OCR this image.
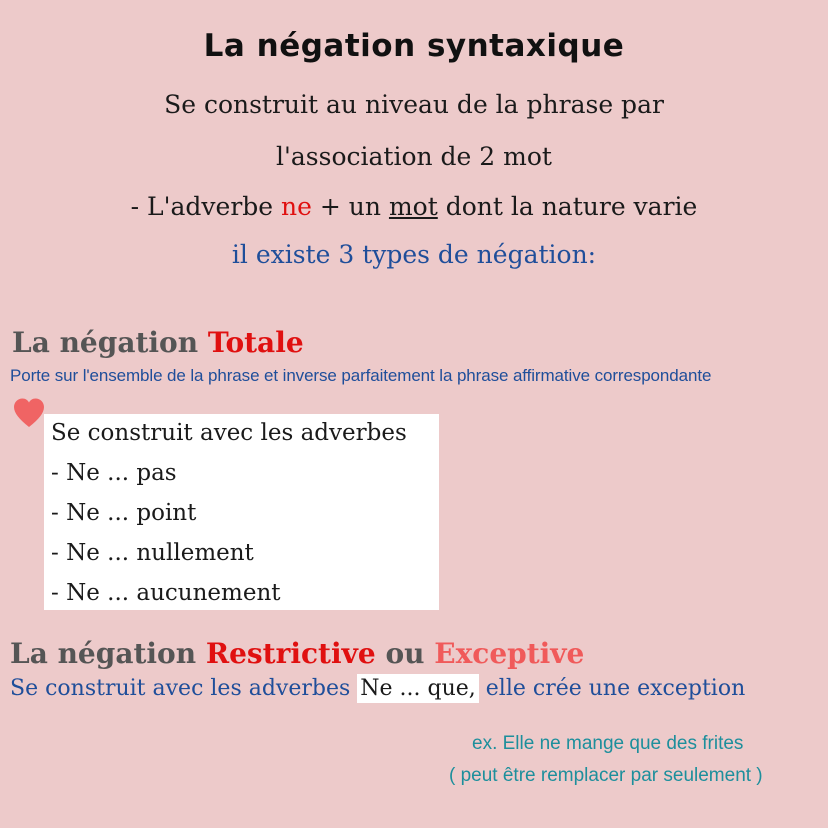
La négation syntaxique

Se construit au niveau de la phrase par

l'association de 2 mot

- L'adverbe ne + un mot dont la nature varie

il existe 3 types de négation:

La négation Totale

Porte sur l'ensemble de la phrase et inverse parfaitement la phrase affirmative correspondante

Se construit avec les adverbes
- Ne ... pas
- Ne ... point
- Ne ... nullement
- Ne ... aucunement
La négation Restrictive ou Exceptive

Se construit avec les adverbes Ne ... que, elle crée une exception

ex. Elle ne mange que des frites

( peut être remplacer par seulement )
